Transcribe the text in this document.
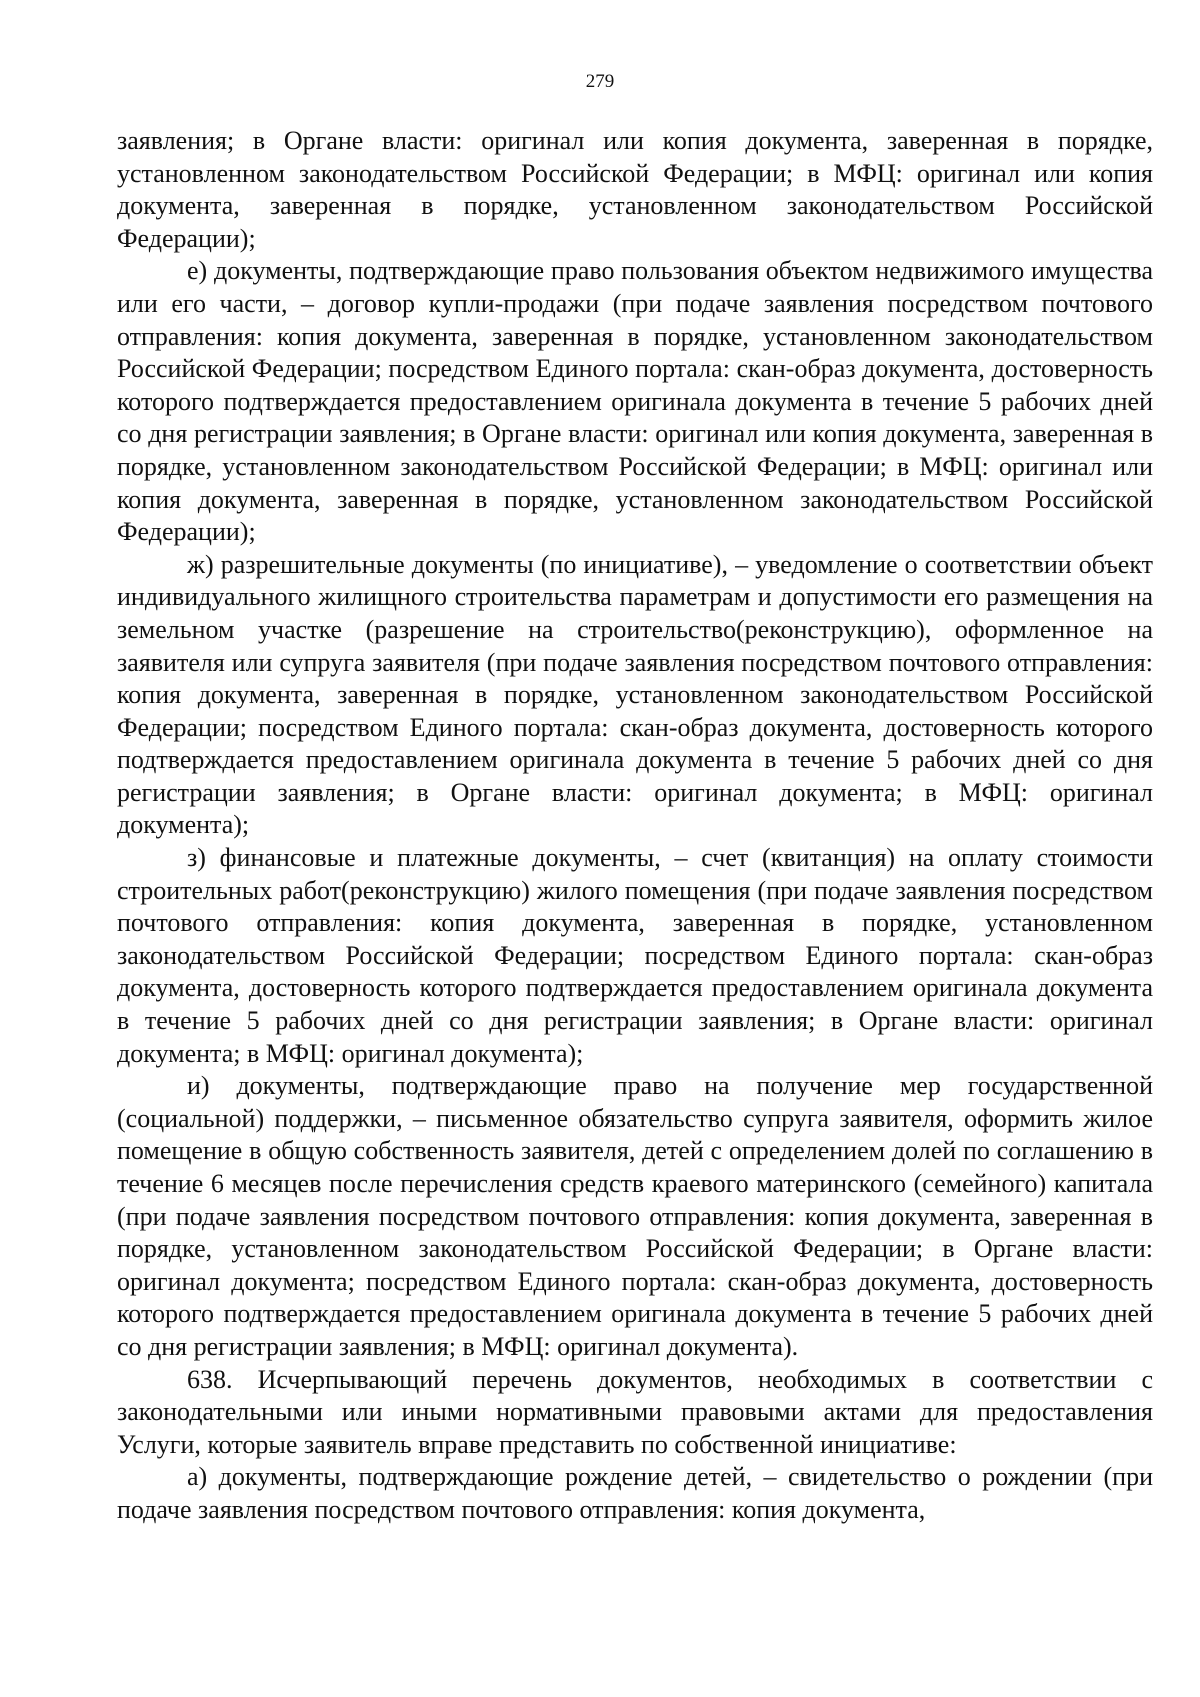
279

заявления; в Органе власти: оригинал или копия документа, заверенная в порядке, установленном законодательством Российской Федерации; в МФЦ: оригинал или копия документа, заверенная в порядке, установленном законодательством Российской Федерации);

е) документы, подтверждающие право пользования объектом недвижимого имущества или его части, – договор купли-продажи (при подаче заявления посредством почтового отправления: копия документа, заверенная в порядке, установленном законодательством Российской Федерации; посредством Единого портала: скан-образ документа, достоверность которого подтверждается предоставлением оригинала документа в течение 5 рабочих дней со дня регистрации заявления; в Органе власти: оригинал или копия документа, заверенная в порядке, установленном законодательством Российской Федерации; в МФЦ: оригинал или копия документа, заверенная в порядке, установленном законодательством Российской Федерации);

ж) разрешительные документы (по инициативе), – уведомление о соответствии объект индивидуального жилищного строительства параметрам и допустимости его размещения на земельном участке (разрешение на строительство(реконструкцию), оформленное на заявителя или супруга заявителя (при подаче заявления посредством почтового отправления: копия документа, заверенная в порядке, установленном законодательством Российской Федерации; посредством Единого портала: скан-образ документа, достоверность которого подтверждается предоставлением оригинала документа в течение 5 рабочих дней со дня регистрации заявления; в Органе власти: оригинал документа; в МФЦ: оригинал документа);

з) финансовые и платежные документы, – счет (квитанция) на оплату стоимости строительных работ(реконструкцию) жилого помещения (при подаче заявления посредством почтового отправления: копия документа, заверенная в порядке, установленном законодательством Российской Федерации; посредством Единого портала: скан-образ документа, достоверность которого подтверждается предоставлением оригинала документа в течение 5 рабочих дней со дня регистрации заявления; в Органе власти: оригинал документа; в МФЦ: оригинал документа);

и) документы, подтверждающие право на получение мер государственной (социальной) поддержки, – письменное обязательство супруга заявителя, оформить жилое помещение в общую собственность заявителя, детей с определением долей по соглашению в течение 6 месяцев после перечисления средств краевого материнского (семейного) капитала (при подаче заявления посредством почтового отправления: копия документа, заверенная в порядке, установленном законодательством Российской Федерации; в Органе власти: оригинал документа; посредством Единого портала: скан-образ документа, достоверность которого подтверждается предоставлением оригинала документа в течение 5 рабочих дней со дня регистрации заявления; в МФЦ: оригинал документа).

638. Исчерпывающий перечень документов, необходимых в соответствии с законодательными или иными нормативными правовыми актами для предоставления Услуги, которые заявитель вправе представить по собственной инициативе:

а) документы, подтверждающие рождение детей, – свидетельство о рождении (при подаче заявления посредством почтового отправления: копия документа,
